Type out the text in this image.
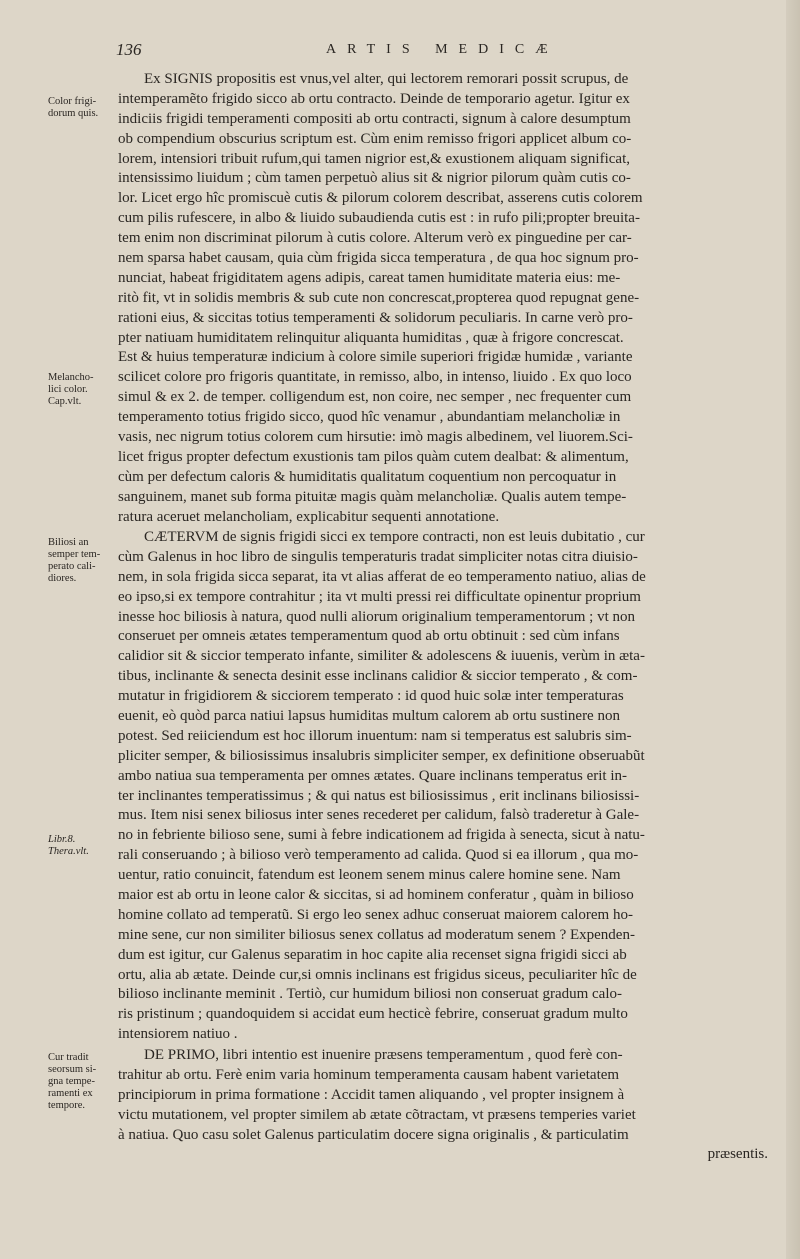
136	ARTIS MEDICÆ
Color frigi-
dorum quis.
Melancho-
lici color.
Cap.vlt.
Biliosi an
semper tem-
perato cali-
diores.
Libr.8.
Thera.vlt.
Cur tradit
seorsum si-
gna tempe-
ramenti ex
tempore.
Ex SIGNIS propositis est vnus,vel alter, qui lectorem remorari possit scrupus, de
intemperamẽto frigido sicco ab ortu contracto. Deinde de temporario agetur. Igitur ex
indiciis frigidi temperamenti compositi ab ortu contracti, signum à calore desumptum
ob compendium obscurius scriptum est. Cùm enim remisso frigori applicet album co-
lorem, intensiori tribuit rufum,qui tamen nigrior est,& exustionem aliquam significat,
intensissimo liuidum ; cùm tamen perpetuò alius sit & nigrior pilorum quàm cutis co-
lor. Licet ergo hîc promiscuè cutis & pilorum colorem describat, asserens cutis colorem
cum pilis rufescere, in albo & liuido subaudienda cutis est : in rufo pili;propter breuita-
tem enim non discriminat pilorum à cutis colore. Alterum verò ex pinguedine per car-
nem sparsa habet causam, quia cùm frigida sicca temperatura , de qua hoc signum pro-
nunciat, habeat frigiditatem agens adipis, careat tamen humiditate materia eius: me-
ritò fit, vt in solidis membris & sub cute non concrescat,propterea quod repugnat gene-
rationi eius, & siccitas totius temperamenti & solidorum peculiaris. In carne verò pro-
pter natiuam humiditatem relinquitur aliquanta humiditas , quæ à frigore concrescat.
Est & huius temperaturæ indicium à colore simile superiori frigidæ humidæ , variante
scilicet colore pro frigoris quantitate, in remisso, albo, in intenso, liuido . Ex quo loco
simul & ex 2. de temper. colligendum est, non coire, nec semper , nec frequenter cum
temperamento totius frigido sicco, quod hîc venamur , abundantiam melancholiæ in
vasis, nec nigrum totius colorem cum hirsutie: imò magis albedinem, vel liuorem.Sci-
licet frigus propter defectum exustionis tam pilos quàm cutem dealbat: & alimentum,
cùm per defectum caloris & humiditatis qualitatum coquentium non percoquatur in
sanguinem, manet sub forma pituitæ magis quàm melancholiæ. Qualis autem tempe-
ratura aceruet melancholiam, explicabitur sequenti annotatione.
CÆTERVM de signis frigidi sicci ex tempore contracti, non est leuis dubitatio , cur
cùm Galenus in hoc libro de singulis temperaturis tradat simpliciter notas citra diuisio-
nem, in sola frigida sicca separat, ita vt alias afferat de eo temperamento natiuo, alias de
eo ipso,si ex tempore contrahitur ; ita vt multi pressi rei difficultate opinentur proprium
inesse hoc biliosis à natura, quod nulli aliorum originalium temperamentorum ; vt non
conseruet per omneis ætates temperamentum quod ab ortu obtinuit : sed cùm infans
calidior sit & siccior temperato infante, similiter & adolescens & iuuenis, verùm in æta-
tibus, inclinante & senecta desinit esse inclinans calidior & siccior temperato , & com-
mutatur in frigidiorem & sicciorem temperato : id quod huic solæ inter temperaturas
euenit, eò quòd parca natiui lapsus humiditas multum calorem ab ortu sustinere non
potest. Sed reiiciendum est hoc illorum inuentum: nam si temperatus est salubris sim-
pliciter semper, & biliosissimus insalubris simpliciter semper, ex definitione obseruabũt
ambo natiua sua temperamenta per omnes ætates. Quare inclinans temperatus erit in-
ter inclinantes temperatissimus ; & qui natus est biliosissimus , erit inclinans biliosissi-
mus. Item nisi senex biliosus inter senes recederet per calidum, falsò traderetur à Gale-
no in febriente bilioso sene, sumi à febre indicationem ad frigida à senecta, sicut à natu-
rali conseruando ; à bilioso verò temperamento ad calida. Quod si ea illorum , qua mo-
uentur, ratio conuincit, fatendum est leonem senem minus calere homine sene. Nam
maior est ab ortu in leone calor & siccitas, si ad hominem conferatur , quàm in bilioso
homine collato ad temperatũ. Si ergo leo senex adhuc conseruat maiorem calorem ho-
mine sene, cur non similiter biliosus senex collatus ad moderatum senem ? Expenden-
dum est igitur, cur Galenus separatim in hoc capite alia recenset signa frigidi sicci ab
ortu, alia ab ætate. Deinde cur,si omnis inclinans est frigidus siceus, peculiariter hîc de
bilioso inclinante meminit . Tertiò, cur humidum biliosi non conseruat gradum calo-
ris pristinum ; quandoquidem si accidat eum hecticè febrire, conseruat gradum multo
intensiorem natiuo .
DE PRIMO, libri intentio est inuenire præsens temperamentum , quod ferè con-
trahitur ab ortu. Ferè enim varia hominum temperamenta causam habent varietatem
principiorum in prima formatione : Accidit tamen aliquando , vel propter insignem à
victu mutationem, vel propter similem ab ætate cõtractam, vt præsens temperies variet
à natiua. Quo casu solet Galenus particulatim docere signa originalis , & particulatim
præsentis.
